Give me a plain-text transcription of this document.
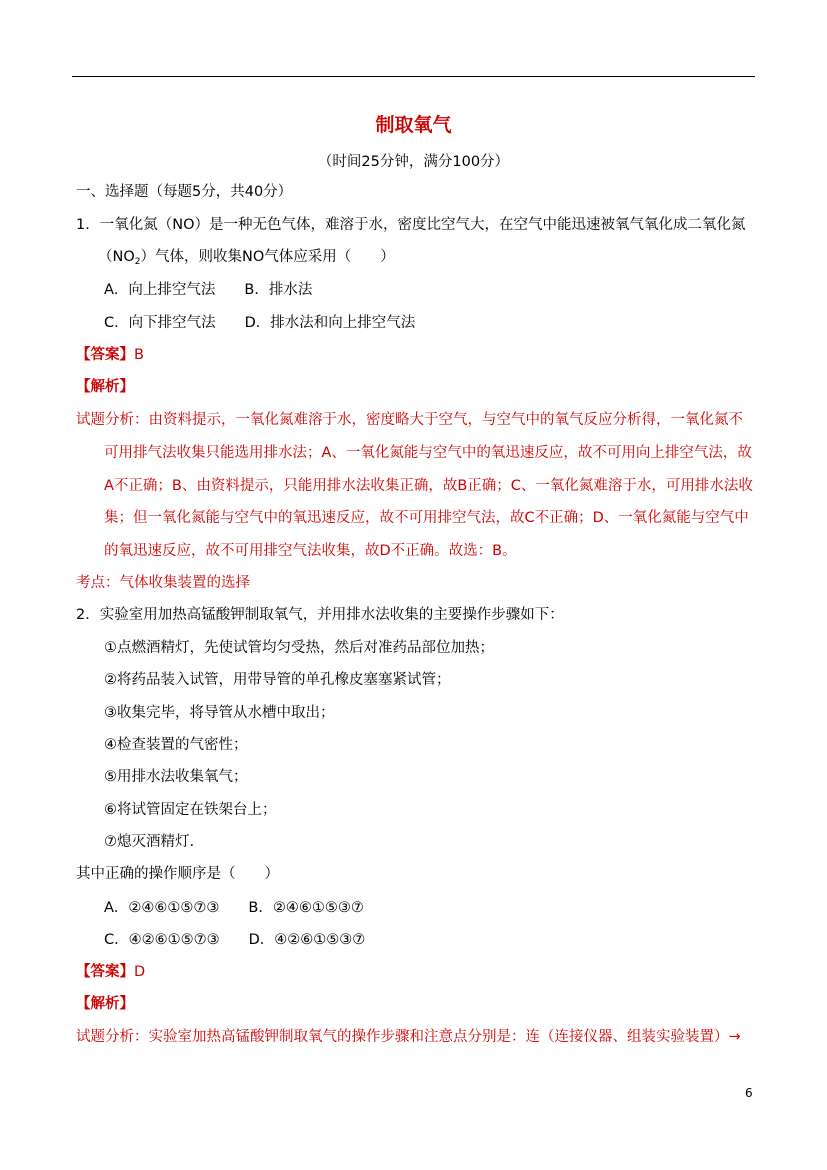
制取氧气
（时间25分钟，满分100分）
一、选择题（每题5分，共40分）
1．一氧化氮（NO）是一种无色气体，难溶于水，密度比空气大，在空气中能迅速被氧气氧化成二氧化氮
$(NO_2)$气体，则收集NO气体应采用（　　）
A．向上排空气法　　B．排水法
C．向下排空气法　　D．排水法和向上排空气法
【答案】B
【解析】
试题分析：由资料提示，一氧化氮难溶于水，密度略大于空气，与空气中的氧气反应分析得，一氧化氮不
可用排气法收集只能选用排水法；A、一氧化氮能与空气中的氧迅速反应，故不可用向上排空气法，故
A不正确；B、由资料提示，只能用排水法收集正确，故B正确；C、一氧化氮难溶于水，可用排水法收
集；但一氧化氮能与空气中的氧迅速反应，故不可用排空气法，故C不正确；D、一氧化氮能与空气中
的氧迅速反应，故不可用排空气法收集，故D不正确。故选：B。
考点：气体收集装置的选择
2．实验室用加热高锰酸钾制取氧气，并用排水法收集的主要操作步骤如下：
①点燃酒精灯，先使试管均匀受热，然后对准药品部位加热；
②将药品装入试管，用带导管的单孔橡皮塞塞紧试管；
③收集完毕，将导管从水槽中取出；
④检查装置的气密性；
⑤用排水法收集氧气；
⑥将试管固定在铁架台上；
⑦熄灭酒精灯.
其中正确的操作顺序是（　　）
A．②④⑥①⑤⑦③　　B．②④⑥①⑤③⑦
C．④②⑥①⑤⑦③　　D．④②⑥①⑤③⑦
【答案】D
【解析】
试题分析：实验室加热高锰酸钾制取氧气的操作步骤和注意点分别是：连（连接仪器、组装实验装置）→
6
